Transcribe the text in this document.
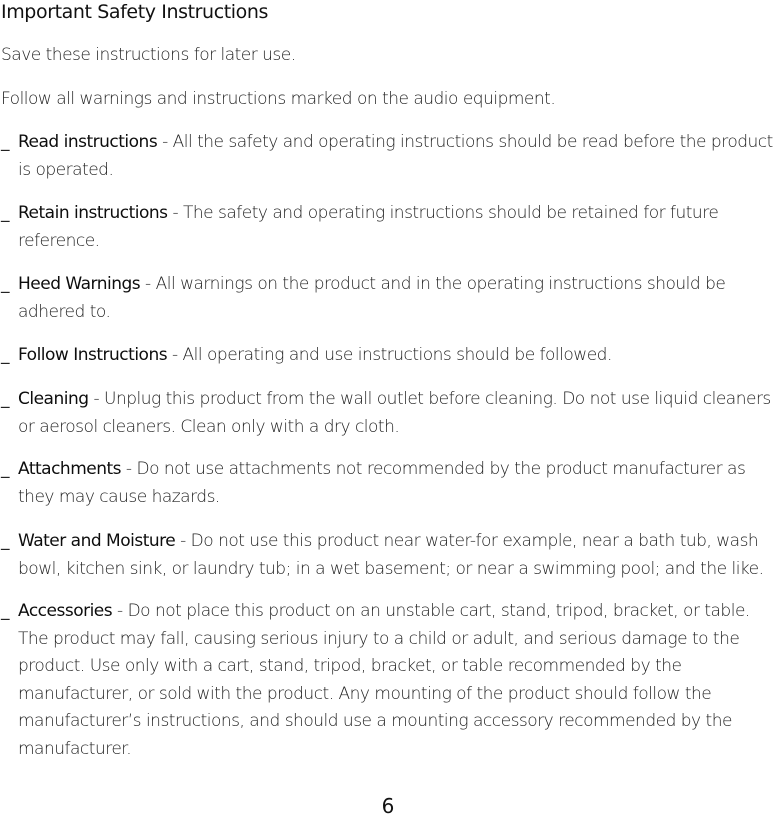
Important Safety Instructions
Save these instructions for later use.
Follow all warnings and instructions marked on the audio equipment.
_ Read instructions - All the safety and operating instructions should be read before the product is operated.
_ Retain instructions - The safety and operating instructions should be retained for future reference.
_ Heed Warnings - All warnings on the product and in the operating instructions should be adhered to.
_ Follow Instructions - All operating and use instructions should be followed.
_ Cleaning - Unplug this product from the wall outlet before cleaning. Do not use liquid cleaners or aerosol cleaners. Clean only with a dry cloth.
_ Attachments - Do not use attachments not recommended by the product manufacturer as they may cause hazards.
_ Water and Moisture - Do not use this product near water-for example, near a bath tub, wash bowl, kitchen sink, or laundry tub; in a wet basement; or near a swimming pool; and the like.
_ Accessories - Do not place this product on an unstable cart, stand, tripod, bracket, or table. The product may fall, causing serious injury to a child or adult, and serious damage to the product. Use only with a cart, stand, tripod, bracket, or table recommended by the manufacturer, or sold with the product. Any mounting of the product should follow the manufacturer’s instructions, and should use a mounting accessory recommended by the manufacturer.
6
